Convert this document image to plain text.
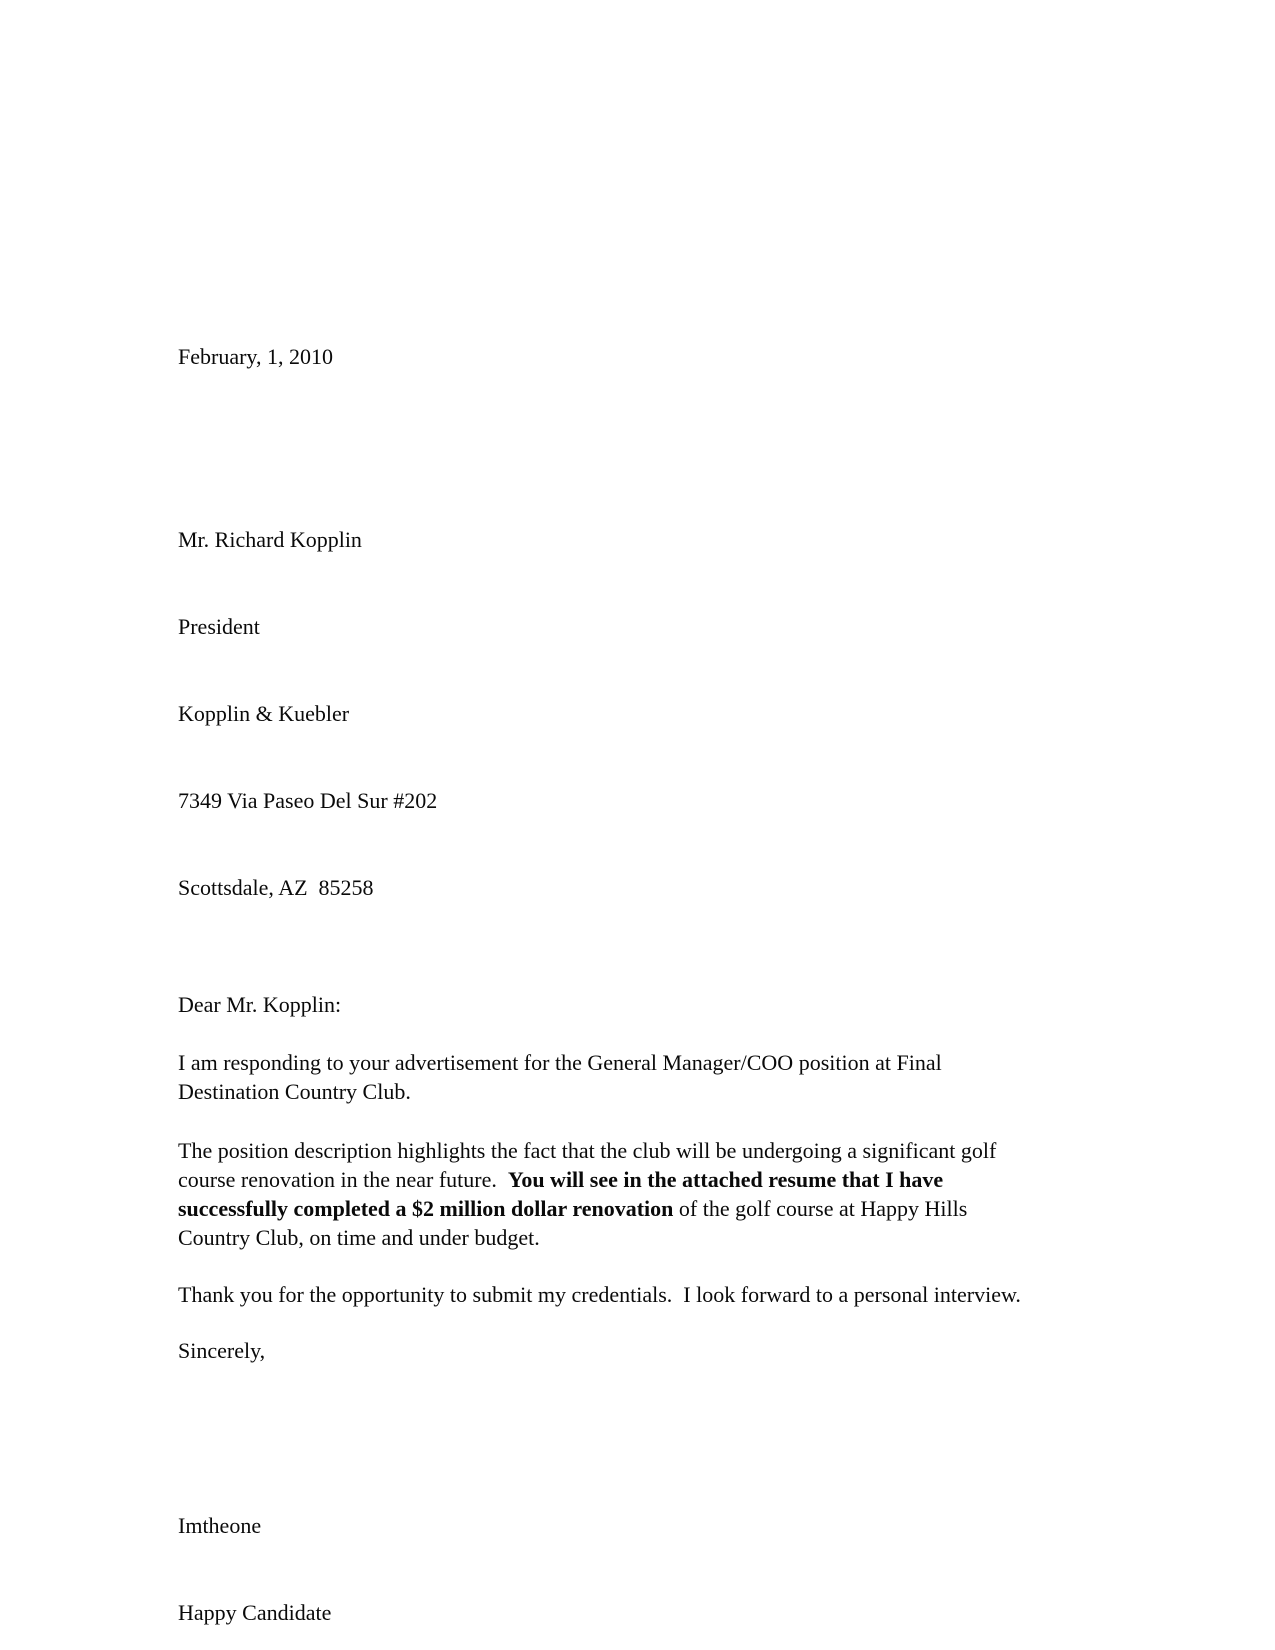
February, 1, 2010

Mr. Richard Kopplin

President

Kopplin & Kuebler

7349 Via Paseo Del Sur #202

Scottsdale, AZ  85258

Dear Mr. Kopplin:
I am responding to your advertisement for the General Manager/COO position at Final Destination Country Club.
The position description highlights the fact that the club will be undergoing a significant golf course renovation in the near future.  You will see in the attached resume that I have successfully completed a $2 million dollar renovation of the golf course at Happy Hills Country Club, on time and under budget.
Thank you for the opportunity to submit my credentials.  I look forward to a personal interview.
Sincerely,

Imtheone

Happy Candidate
